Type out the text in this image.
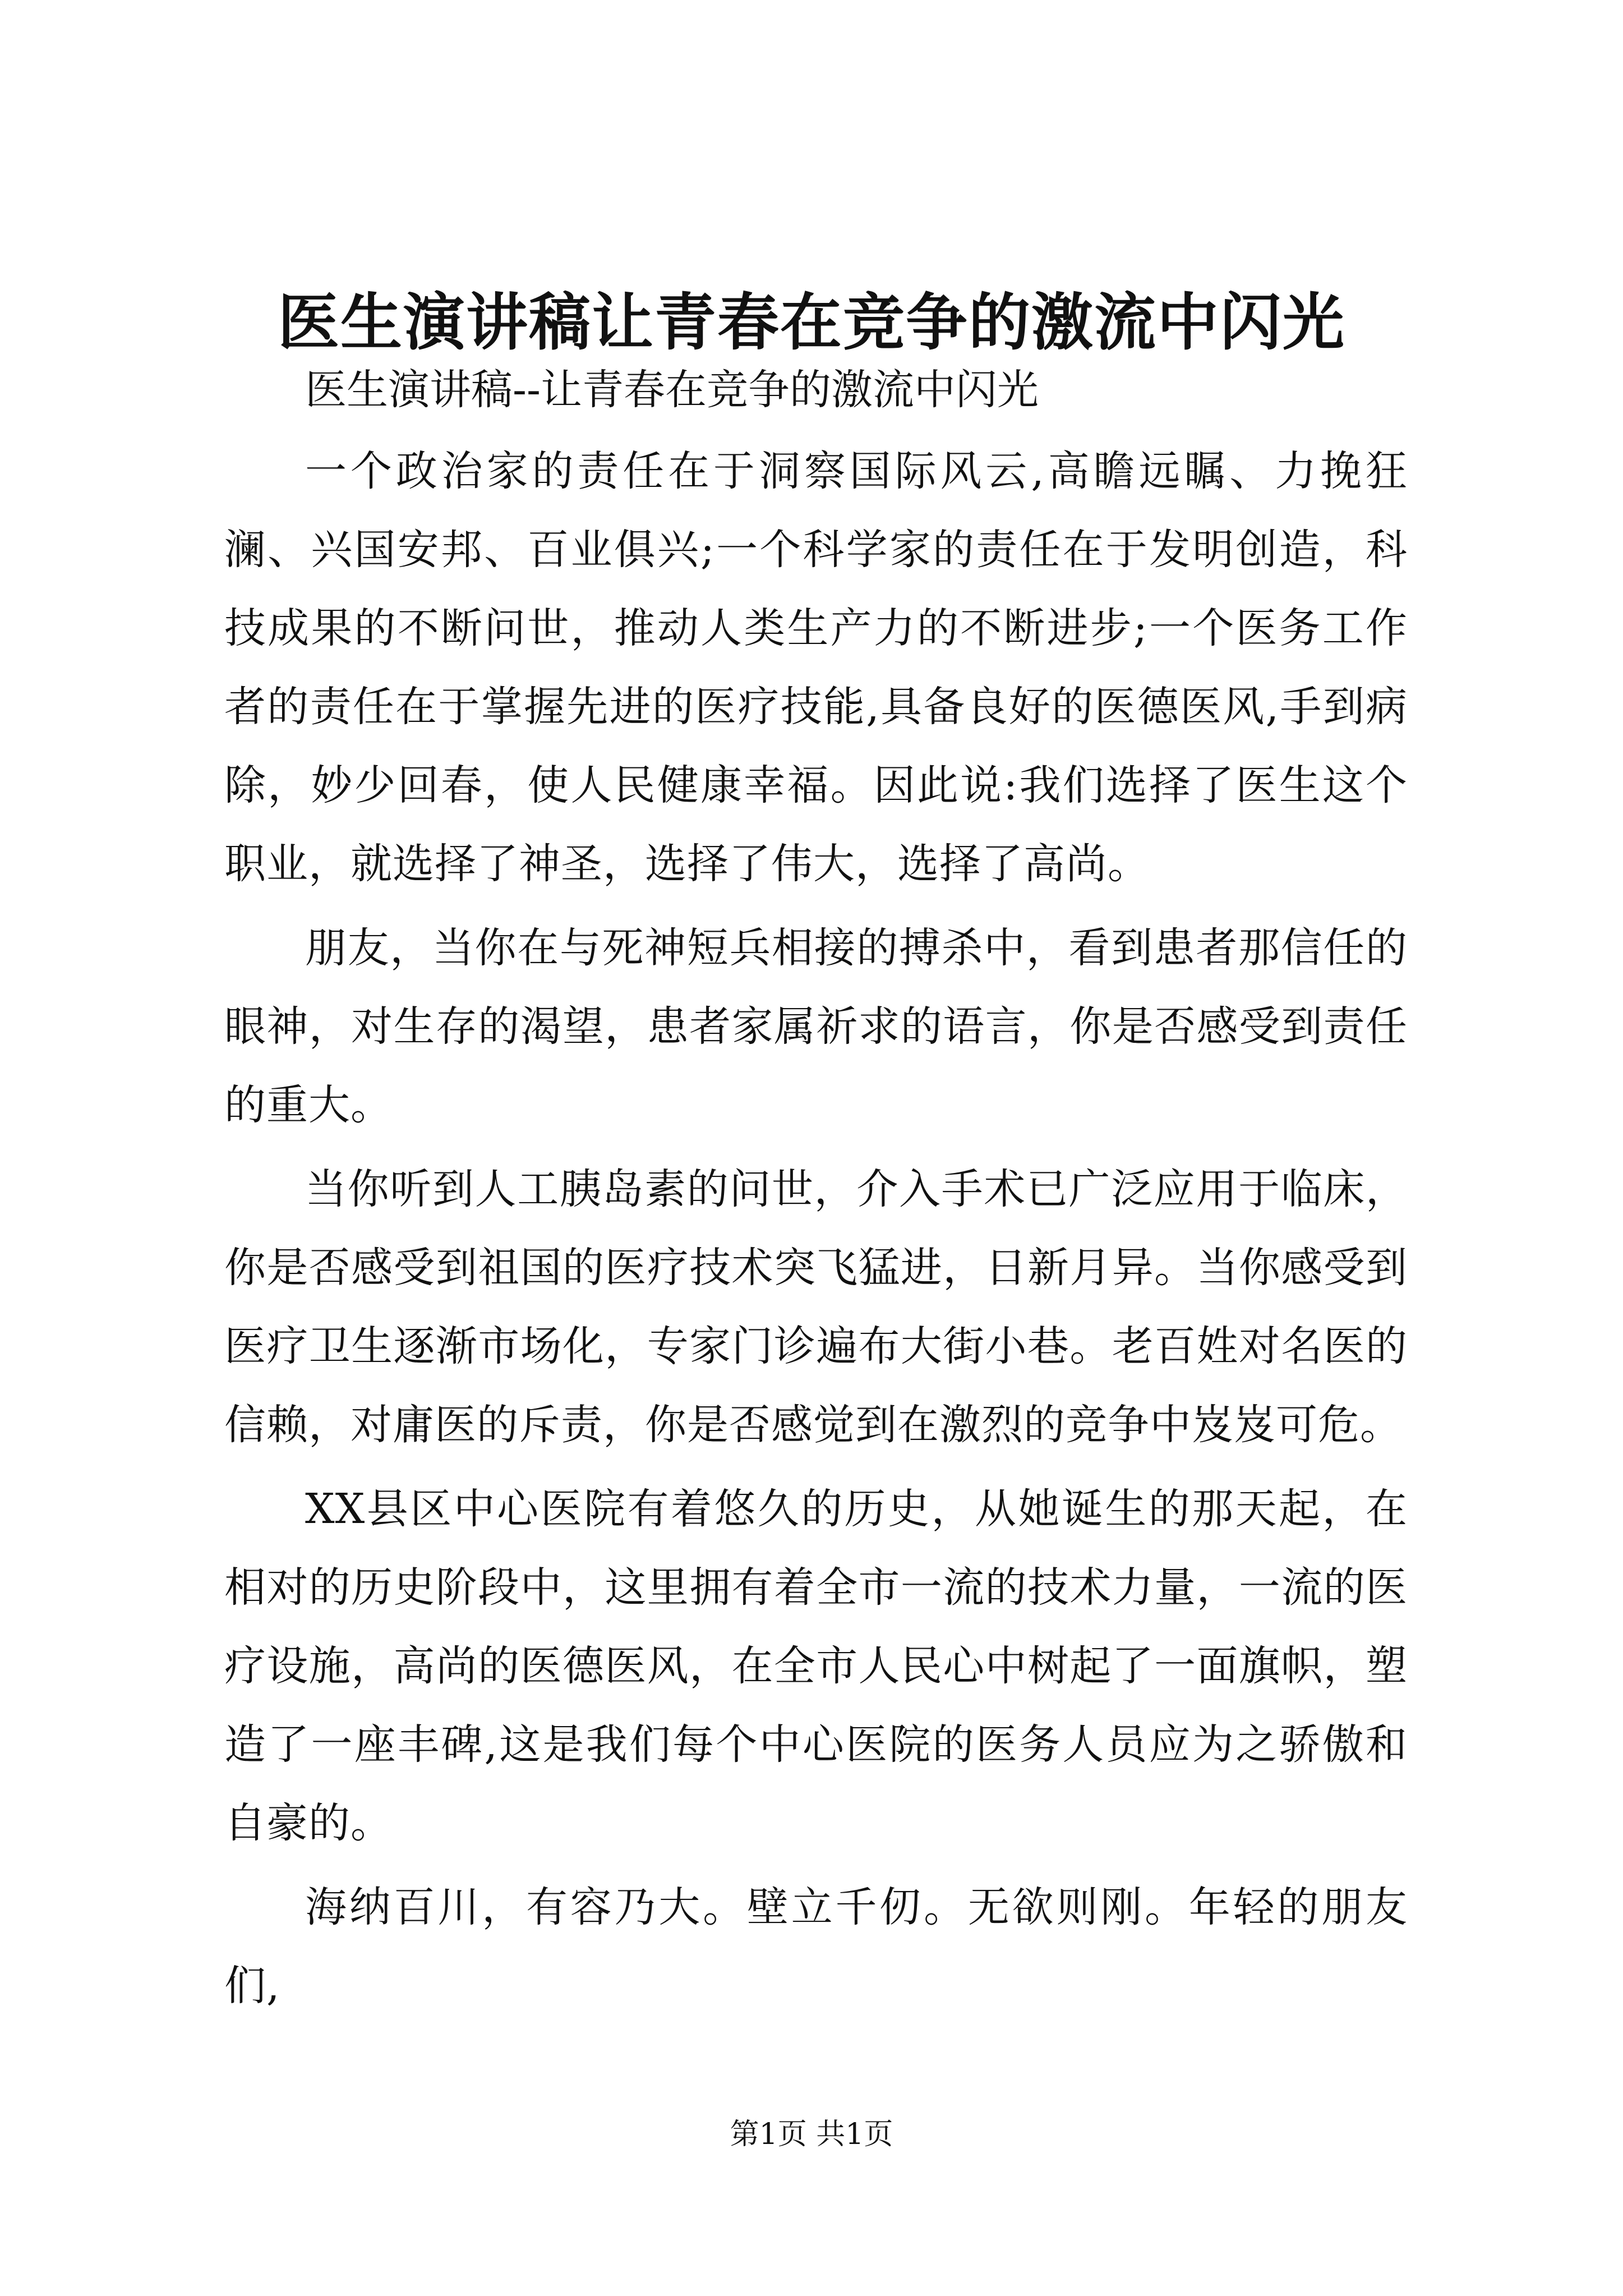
医生演讲稿让青春在竞争的激流中闪光
医生演讲稿--让青春在竞争的激流中闪光

一个政治家的责任在于洞察国际风云,高瞻远瞩、力挽狂澜、兴国安邦、百业俱兴;一个科学家的责任在于发明创造，科技成果的不断问世，推动人类生产力的不断进步;一个医务工作者的责任在于掌握先进的医疗技能,具备良好的医德医风,手到病除，妙少回春，使人民健康幸福。因此说:我们选择了医生这个职业，就选择了神圣，选择了伟大，选择了高尚。

朋友，当你在与死神短兵相接的搏杀中，看到患者那信任的眼神，对生存的渴望，患者家属祈求的语言，你是否感受到责任的重大。

当你听到人工胰岛素的问世，介入手术已广泛应用于临床，你是否感受到祖国的医疗技术突飞猛进，日新月异。当你感受到医疗卫生逐渐市场化，专家门诊遍布大街小巷。老百姓对名医的信赖，对庸医的斥责，你是否感觉到在激烈的竞争中岌岌可危。

XX县区中心医院有着悠久的历史，从她诞生的那天起，在相对的历史阶段中，这里拥有着全市一流的技术力量，一流的医疗设施，高尚的医德医风，在全市人民心中树起了一面旗帜，塑造了一座丰碑,这是我们每个中心医院的医务人员应为之骄傲和自豪的。

海纳百川，有容乃大。壁立千仞。无欲则刚。年轻的朋友们,

第1页 共1页
